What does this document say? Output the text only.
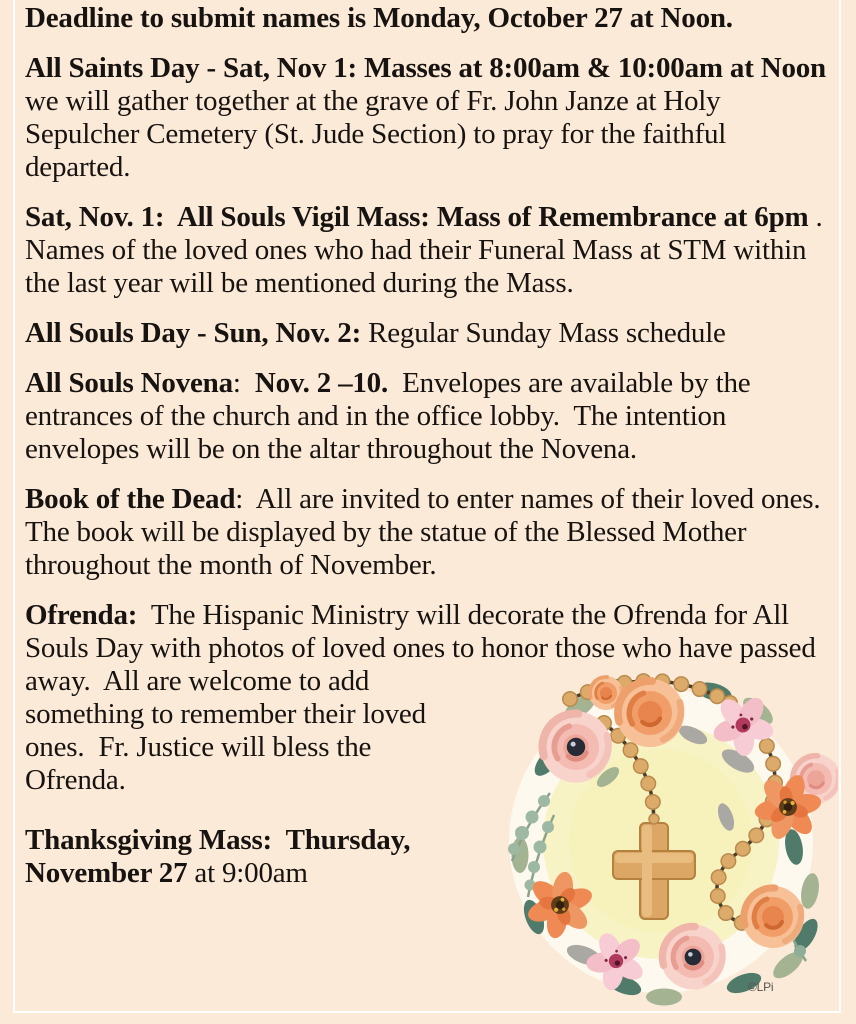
Deadline to submit names is Monday, October 27 at Noon.

All Saints Day - Sat, Nov 1: Masses at 8:00am & 10:00am at Noon we will gather together at the grave of Fr. John Janze at Holy Sepulcher Cemetery (St. Jude Section) to pray for the faithful departed.

Sat, Nov. 1:  All Souls Vigil Mass: Mass of Remembrance at 6pm . Names of the loved ones who had their Funeral Mass at STM within the last year will be mentioned during the Mass.

All Souls Day - Sun, Nov. 2: Regular Sunday Mass schedule

All Souls Novena:  Nov. 2 –10.  Envelopes are available by the entrances of the church and in the office lobby.  The intention envelopes will be on the altar throughout the Novena.

Book of the Dead:  All are invited to enter names of their loved ones.  The book will be displayed by the statue of the Blessed Mother throughout the month of November.

©LPi
Ofrenda:  The Hispanic Ministry will decorate the Ofrenda for All Souls Day with photos of loved ones to honor those who have passed away.  All are welcome to add something to remember their loved ones.  Fr. Justice will bless the Ofrenda.

Thanksgiving Mass:  Thursday, November 27 at 9:00am
